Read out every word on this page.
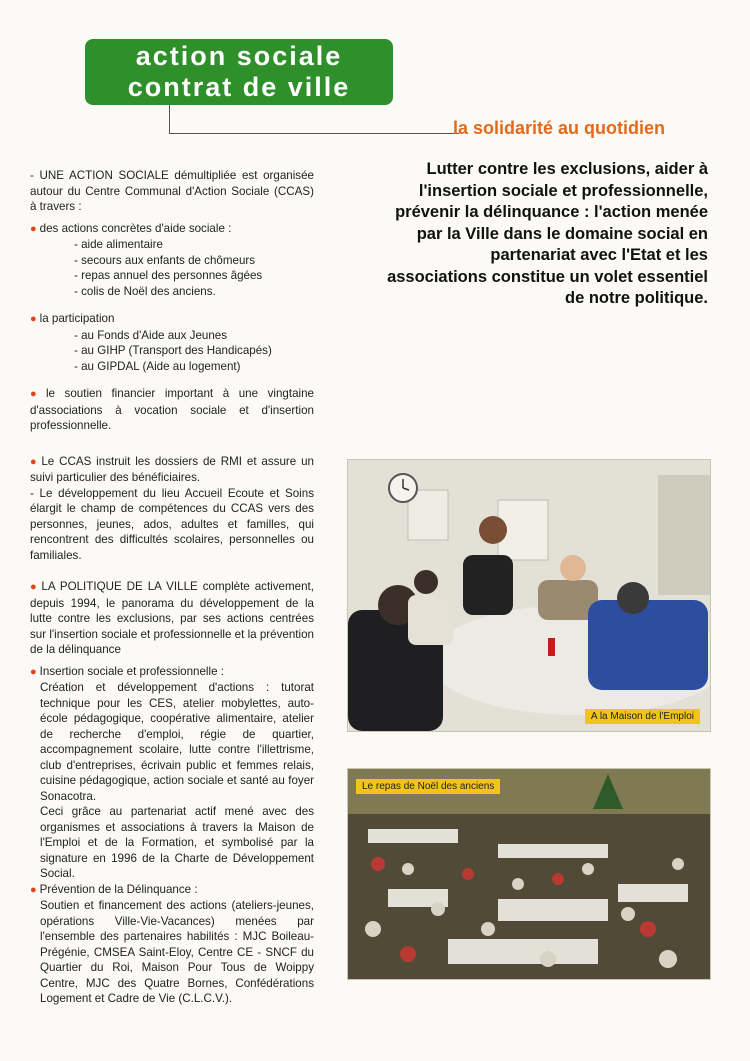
action sociale
contrat de ville
la solidarité au quotidien
Lutter contre les exclusions, aider à l'insertion sociale et professionnelle, prévenir la délinquance : l'action menée par la Ville dans le domaine social en partenariat avec l'Etat et les associations constitue un volet essentiel de notre politique.

- UNE ACTION SOCIALE démultipliée est organisée autour du Centre Communal d'Action Sociale (CCAS) à travers :

● des actions concrètes d'aide sociale :

- aide alimentaire
- secours aux enfants de chômeurs
- repas annuel des personnes âgées
- colis de Noël des anciens.

● la participation

- au Fonds d'Aide aux Jeunes
- au GIHP (Transport des Handicapés)
- au GIPDAL (Aide au logement)

● le soutien financier important à une vingtaine d'associations à vocation sociale et d'insertion professionnelle.

● Le CCAS instruit les dossiers de RMI et assure un suivi particulier des bénéficiaires.

- Le développement du lieu Accueil Ecoute et Soins élargit le champ de compétences du CCAS vers des personnes, jeunes, ados, adultes et familles, qui rencontrent des difficultés scolaires, personnelles ou familiales.

● LA POLITIQUE DE LA VILLE complète activement, depuis 1994, le panorama du développement de la lutte contre les exclusions, par ses actions centrées sur l'insertion sociale et professionnelle et la prévention de la délinquance

● Insertion sociale et professionnelle :

Création et développement d'actions : tutorat technique pour les CES, atelier mobylettes, auto-école pédagogique, coopérative alimentaire, atelier de recherche d'emploi, régie de quartier, accompagnement scolaire, lutte contre l'illettrisme, club d'entreprises, écrivain public et femmes relais, cuisine pédagogique, action sociale et santé au foyer Sonacotra.

Ceci grâce au partenariat actif mené avec des organismes et associations à travers la Maison de l'Emploi et de la Formation, et symbolisé par la signature en 1996 de la Charte de Développement Social.

● Prévention de la Délinquance :

Soutien et financement des actions (ateliers-jeunes, opérations Ville-Vie-Vacances) menées par l'ensemble des partenaires habilités : MJC Boileau-Prégénie, CMSEA Saint-Eloy, Centre CE - SNCF du Quartier du Roi, Maison Pour Tous de Woippy Centre, MJC des Quatre Bornes, Confédérations Logement et Cadre de Vie (C.L.C.V.).

A la Maison de l'Emploi
Le repas de Noël des anciens
